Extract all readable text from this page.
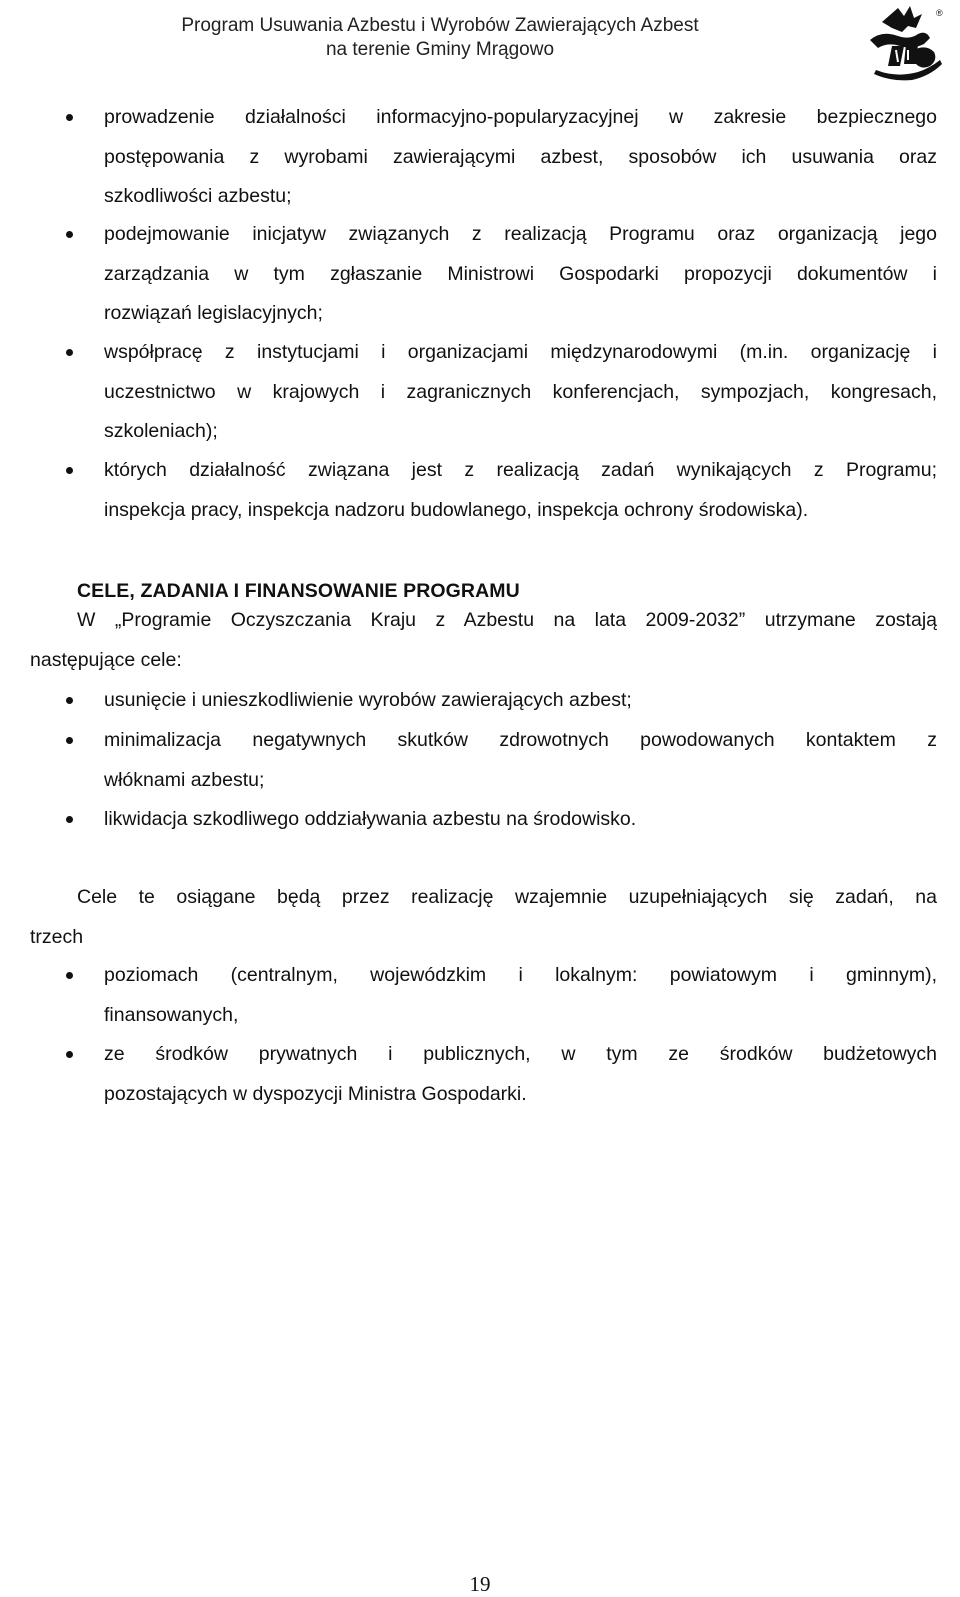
Program Usuwania Azbestu i Wyrobów Zawierających Azbest
na terenie Gminy Mrągowo
®
prowadzenie działalności informacyjno-popularyzacyjnej w zakresie bezpiecznego
postępowania z wyrobami zawierającymi azbest, sposobów ich usuwania oraz
szkodliwości azbestu;
podejmowanie inicjatyw związanych z realizacją Programu oraz organizacją jego
zarządzania w tym zgłaszanie Ministrowi Gospodarki propozycji dokumentów i
rozwiązań legislacyjnych;
współpracę z instytucjami i organizacjami międzynarodowymi (m.in. organizację i
uczestnictwo w krajowych i zagranicznych konferencjach, sympozjach, kongresach,
szkoleniach);
których działalność związana jest z realizacją zadań wynikających z Programu;
inspekcja pracy, inspekcja nadzoru budowlanego, inspekcja ochrony środowiska).
CELE, ZADANIA I FINANSOWANIE PROGRAMU
W „Programie Oczyszczania Kraju z Azbestu na lata 2009-2032” utrzymane zostają
następujące cele:
usunięcie i unieszkodliwienie wyrobów zawierających azbest;
minimalizacja negatywnych skutków zdrowotnych powodowanych kontaktem z
włóknami azbestu;
likwidacja szkodliwego oddziaływania azbestu na środowisko.
Cele te osiągane będą przez realizację wzajemnie uzupełniających się zadań, na
trzech
poziomach (centralnym, wojewódzkim i lokalnym: powiatowym i gminnym),
finansowanych,
ze środków prywatnych i publicznych, w tym ze środków budżetowych
pozostających w dyspozycji Ministra Gospodarki.
19
